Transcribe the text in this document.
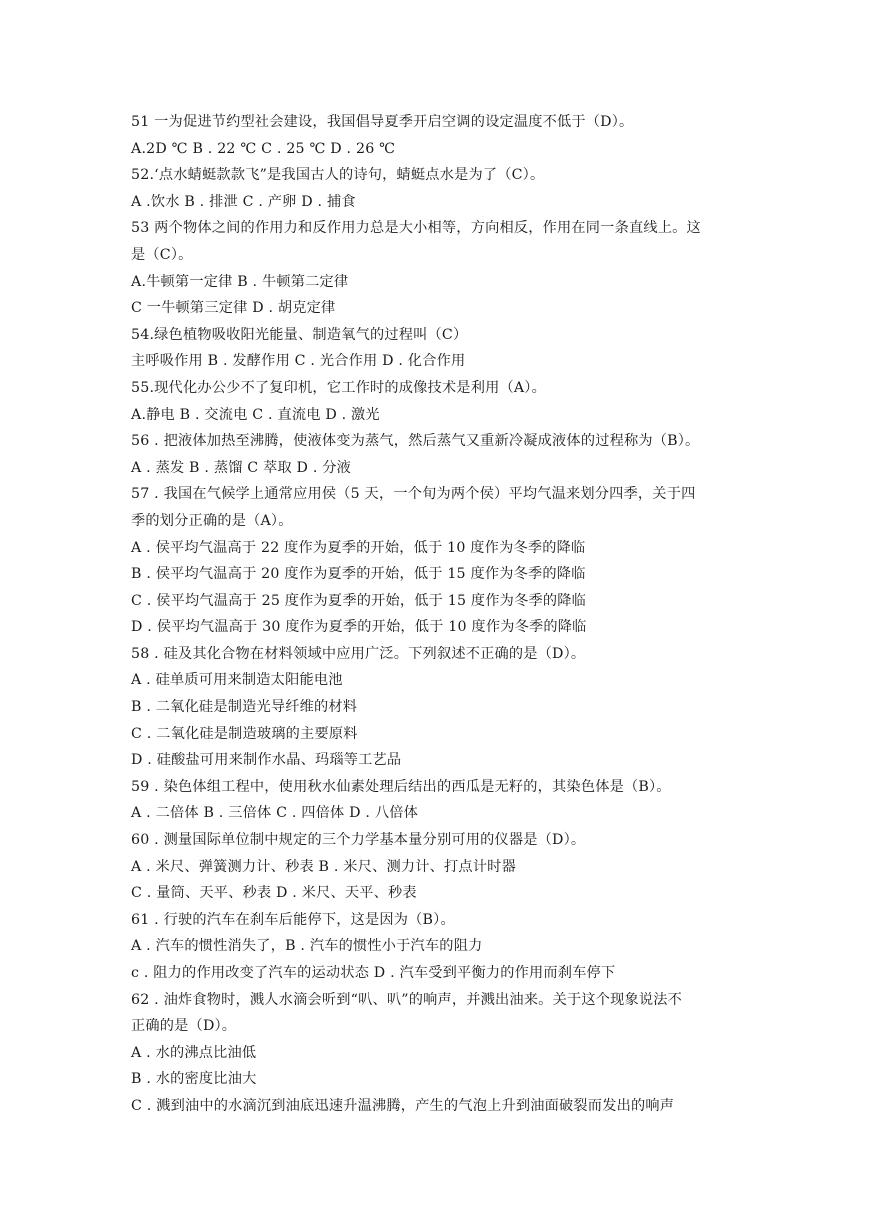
51 一为促进节约型社会建设，我国倡导夏季开启空调的设定温度不低于（D）。
A.2D ℃ B . 22 ℃ C . 25 ℃ D . 26 ℃
52.‘点水蜻蜓款款飞”是我国古人的诗句，蜻蜓点水是为了（C）。
A .饮水 B . 排泄 C . 产卵 D . 捕食
53 两个物体之间的作用力和反作用力总是大小相等，方向相反，作用在同一条直线上。这
是（C）。
A.牛顿第一定律 B . 牛顿第二定律
C 一牛顿第三定律 D . 胡克定律
54.绿色植物吸收阳光能量、制造氧气的过程叫（C）
主呼吸作用 B . 发酵作用 C . 光合作用 D . 化合作用
55.现代化办公少不了复印机，它工作时的成像技术是利用（A）。
A.静电 B . 交流电 C . 直流电 D . 激光
56 . 把液体加热至沸腾，使液体变为蒸气，然后蒸气又重新冷凝成液体的过程称为（B）。
A . 蒸发 B . 蒸馏 C 萃取 D . 分液
57 . 我国在气候学上通常应用侯（5 天，一个旬为两个侯）平均气温来划分四季，关于四
季的划分正确的是（A）。
A . 侯平均气温高于 22 度作为夏季的开始，低于 10 度作为冬季的降临
B . 侯平均气温高于 20 度作为夏季的开始，低于 15 度作为冬季的降临
C . 侯平均气温高于 25 度作为夏季的开始，低于 15 度作为冬季的降临
D . 侯平均气温高于 30 度作为夏季的开始，低于 10 度作为冬季的降临
58 . 硅及其化合物在材料领域中应用广泛。下列叙述不正确的是（D）。
A . 硅单质可用来制造太阳能电池
B . 二氧化硅是制造光导纤维的材料
C . 二氧化硅是制造玻璃的主要原料
D . 硅酸盐可用来制作水晶、玛瑙等工艺品
59 . 染色体组工程中，使用秋水仙素处理后结出的西瓜是无籽的，其染色体是（B）。
A . 二倍体 B . 三倍体 C . 四倍体 D . 八倍体
60 . 测量国际单位制中规定的三个力学基本量分别可用的仪器是（D）。
A . 米尺、弹簧测力计、秒表 B . 米尺、测力计、打点计时器
C . 量筒、天平、秒表 D . 米尺、天平、秒表
61 . 行驶的汽车在刹车后能停下，这是因为（B）。
A . 汽车的惯性消失了，B . 汽车的惯性小于汽车的阻力
c . 阻力的作用改变了汽车的运动状态 D . 汽车受到平衡力的作用而刹车停下
62 . 油炸食物时，溅人水滴会听到“叭、叭”的响声，并溅出油来。关于这个现象说法不
正确的是（D）。
A . 水的沸点比油低
B . 水的密度比油大
C . 溅到油中的水滴沉到油底迅速升温沸腾，产生的气泡上升到油面破裂而发出的响声
